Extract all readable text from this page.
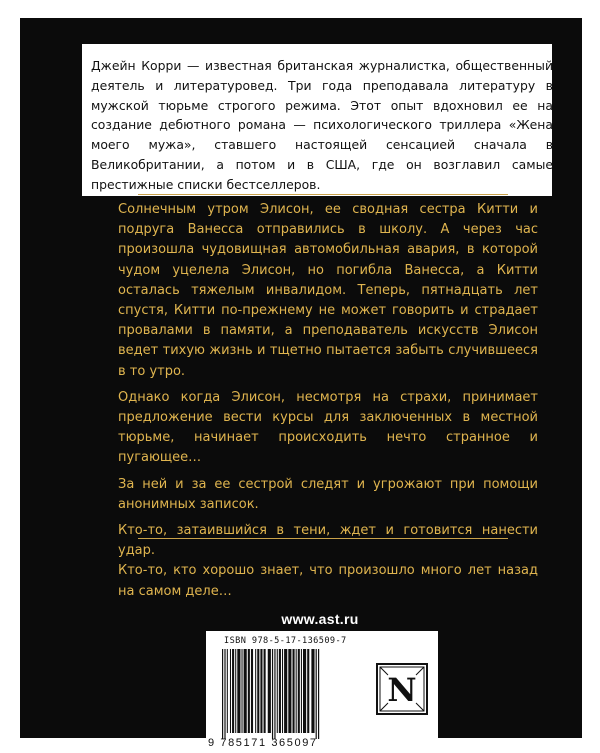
Джейн Корри — известная британская журналистка, общественный деятель и литературовед. Три года преподавала литературу в мужской тюрьме строгого режима. Этот опыт вдохновил ее на создание дебютного романа — психологического триллера «Жена моего мужа», ставшего настоящей сенсацией сначала в Великобритании, а потом и в США, где он возглавил самые престижные списки бестселлеров.

Солнечным утром Элисон, ее сводная сестра Китти и подруга Ванесса отправились в школу. А через час произошла чудовищная автомобильная авария, в которой чудом уцелела Элисон, но погибла Ванесса, а Китти осталась тяжелым инвалидом. Теперь, пятнадцать лет спустя, Китти по-прежнему не может говорить и страдает провалами в памяти, а преподаватель искусств Элисон ведет тихую жизнь и тщетно пытается забыть случившееся в то утро.

Однако когда Элисон, несмотря на страхи, принимает предложение вести курсы для заключенных в местной тюрьме, начинает происходить нечто странное и пугающее…

За ней и за ее сестрой следят и угрожают при помощи анонимных записок.

Кто-то, затаившийся в тени, ждет и готовится нанести удар.

Кто-то, кто хорошо знает, что произошло много лет назад на самом деле…

www.ast.ru
ISBN 978-5-17-136509-7
9 785171 365097
N
